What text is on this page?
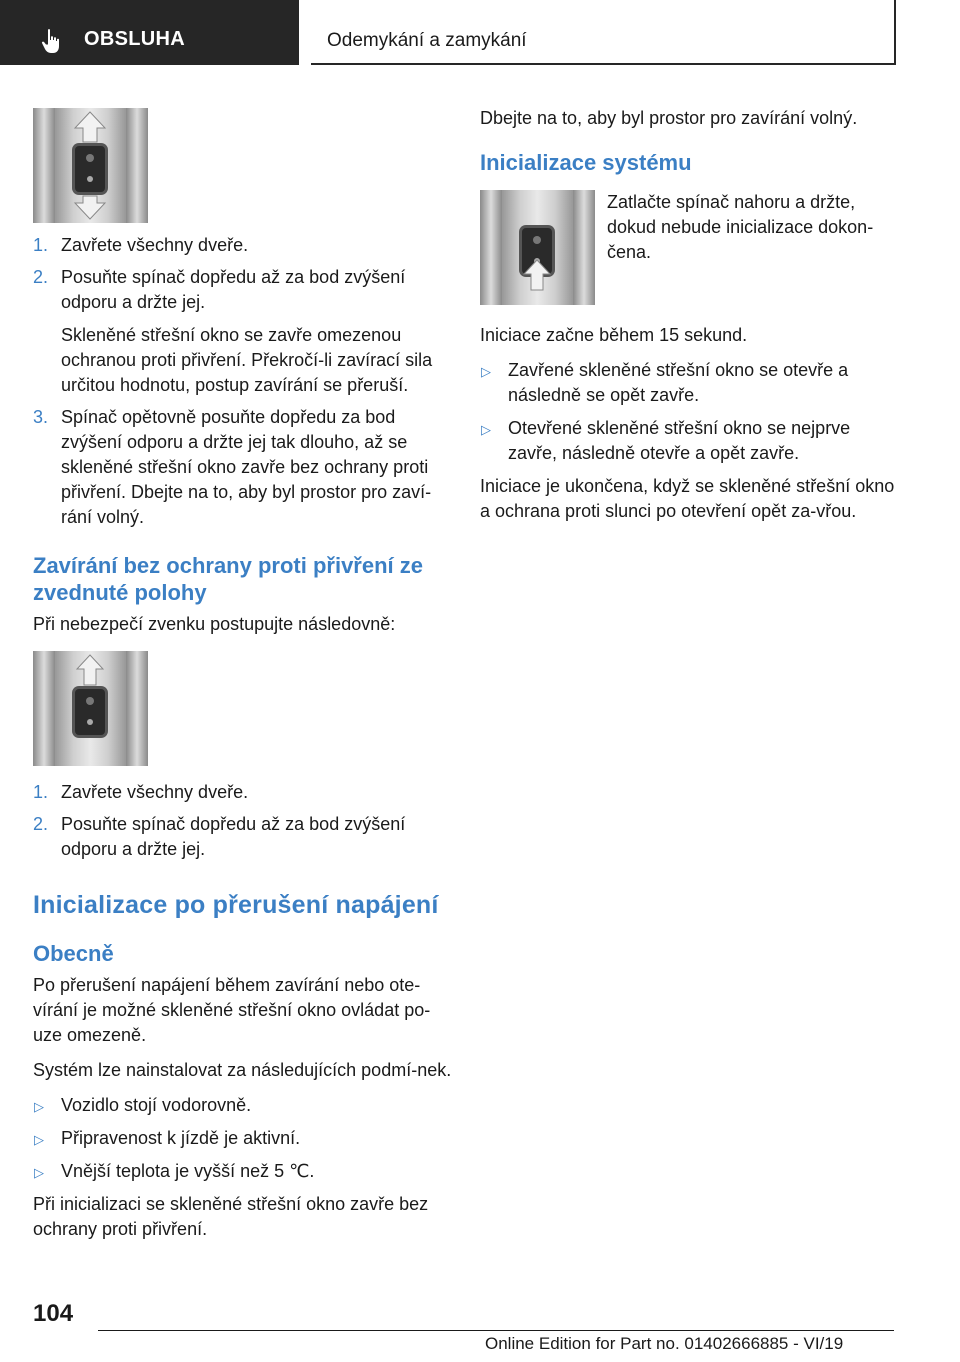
OBSLUHA	Odemykání a zamykání
1. Zavřete všechny dveře.
2. Posuňte spínač dopředu až za bod zvýšení odporu a držte jej.
Skleněné střešní okno se zavře omezenou ochranou proti přivření. Překročí-li zavírací sila určitou hodnotu, postup zavírání se přeruší.
3. Spínač opětovně posuňte dopředu za bod zvýšení odporu a držte jej tak dlouho, až se skleněné střešní okno zavře bez ochrany proti přivření. Dbejte na to, aby byl prostor pro zaví‐rání volný.
Zavírání bez ochrany proti přivření ze zvednuté polohy

Při nebezpečí zvenku postupujte následovně:

1. Zavřete všechny dveře.
2. Posuňte spínač dopředu až za bod zvýšení odporu a držte jej.
Inicializace po přerušení napájení
Obecně

Po přerušení napájení během zavírání nebo ote‐vírání je možné skleněné střešní okno ovládat po‐uze omezeně.

Systém lze nainstalovat za následujících podmí‐nek.

▷ Vozidlo stojí vodorovně.
▷ Připravenost k jízdě je aktivní.
▷ Vnější teplota je vyšší než 5 ℃.

Při inicializaci se skleněné střešní okno zavře bez ochrany proti přivření.

Dbejte na to, aby byl prostor pro zavírání volný.

Inicializace systému
Zatlačte spínač nahoru a držte, dokud nebude inicializace dokon‐čena.

Iniciace začne během 15 sekund.

▷ Zavřené skleněné střešní okno se otevře a následně se opět zavře.
▷ Otevřené skleněné střešní okno se nejprve zavře, následně otevře a opět zavře.

Iniciace je ukončena, když se skleněné střešní okno a ochrana proti slunci po otevření opět za‐vřou.

104
Online Edition for Part no. 01402666885 - VI/19
